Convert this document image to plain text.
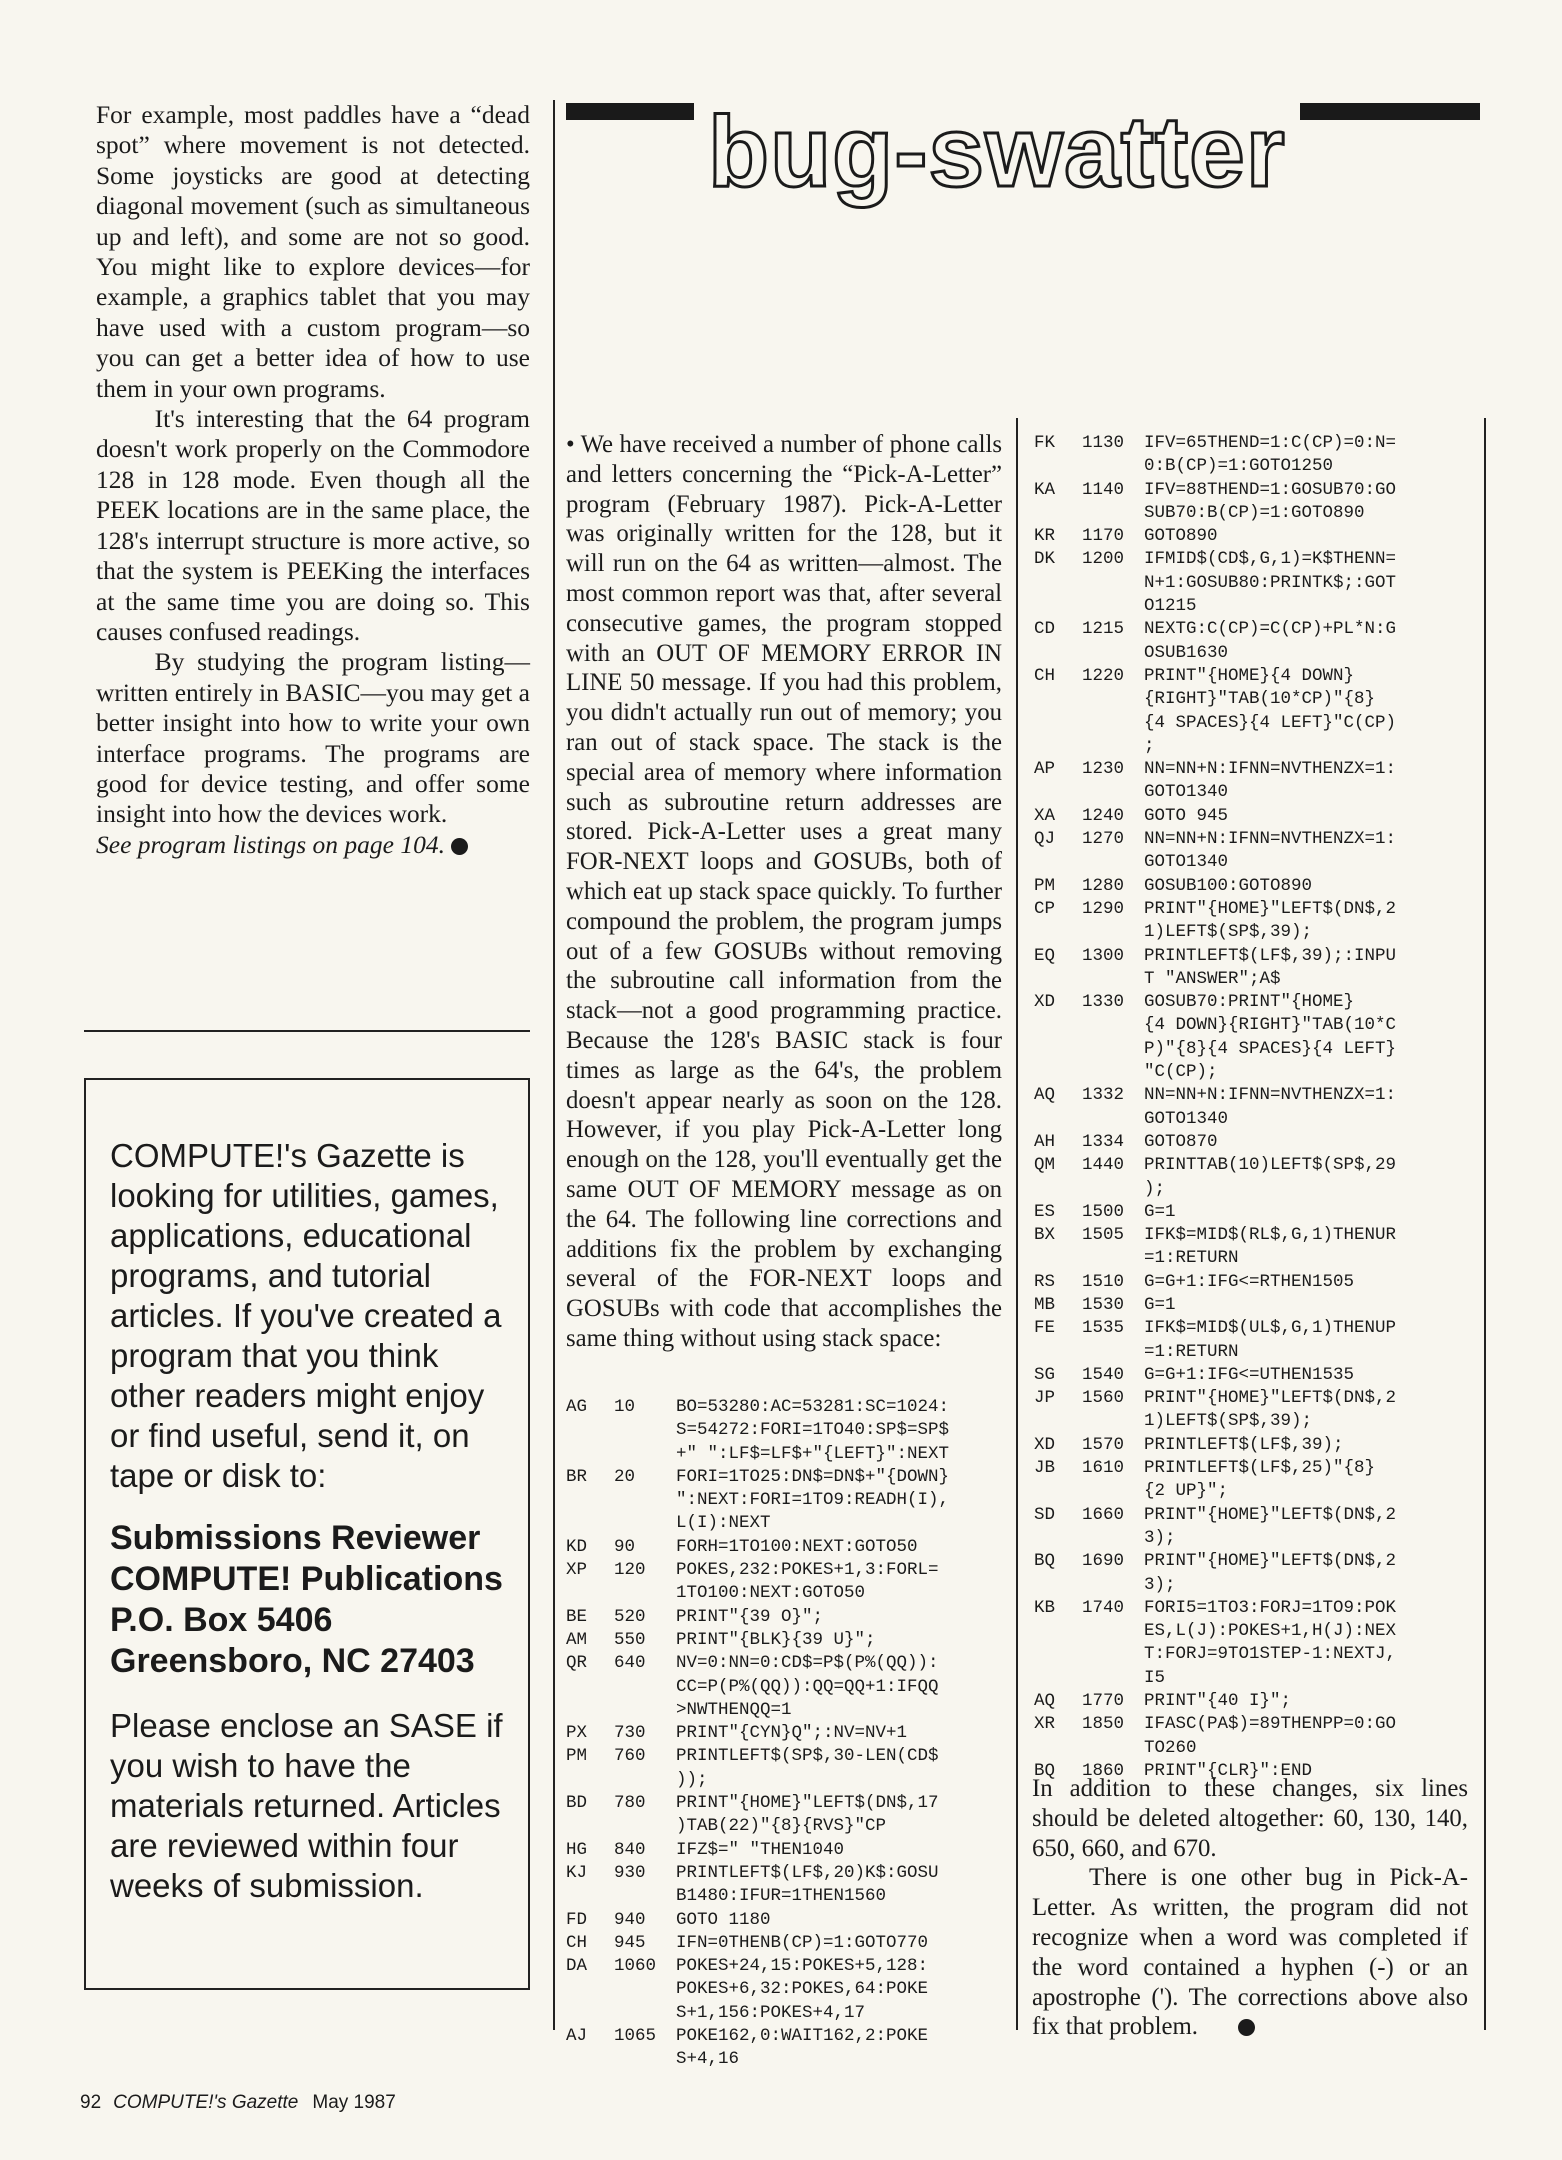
For example, most paddles have a “dead spot” where movement is not detected. Some joysticks are good at detecting diagonal movement (such as simultaneous up and left), and some are not so good. You might like to explore devices—for example, a graphics tablet that you may have used with a custom program—so you can get a better idea of how to use them in your own programs.

It's interesting that the 64 program doesn't work properly on the Commodore 128 in 128 mode. Even though all the PEEK locations are in the same place, the 128's interrupt structure is more active, so that the system is PEEKing the interfaces at the same time you are doing so. This causes confused readings.

By studying the program listing—written entirely in BASIC—you may get a better insight into how to write your own interface programs. The programs are good for device testing, and offer some insight into how the devices work.

See program listings on page 104.

COMPUTE!'s Gazette is looking for utilities, games, applications, educational programs, and tutorial articles. If you've created a program that you think other readers might enjoy or find useful, send it, on tape or disk to:
Submissions Reviewer
COMPUTE! Publications
P.O. Box 5406
Greensboro, NC 27403
Please enclose an SASE if you wish to have the materials returned. Articles are reviewed within four weeks of submission.
bug-swatter

• We have received a number of phone calls and letters concerning the “Pick-A-Letter” program (February 1987). Pick-A-Letter was originally written for the 128, but it will run on the 64 as written—almost. The most common report was that, after several consecutive games, the program stopped with an OUT OF MEMORY ERROR IN LINE 50 message. If you had this problem, you didn't actually run out of memory; you ran out of stack space. The stack is the special area of memory where information such as subroutine return addresses are stored. Pick-A-Letter uses a great many FOR-NEXT loops and GOSUBs, both of which eat up stack space quickly. To further compound the problem, the program jumps out of a few GOSUBs without removing the subroutine call information from the stack—not a good programming practice. Because the 128's BASIC stack is four times as large as the 64's, the problem doesn't appear nearly as soon on the 128. However, if you play Pick-A-Letter long enough on the 128, you'll eventually get the same OUT OF MEMORY message as on the 64. The following line corrections and additions fix the problem by exchanging several of the FOR-NEXT loops and GOSUBs with code that accomplishes the same thing without using stack space:

AG	10	BO=53280:AC=53281:SC=1024:
S=54272:FORI=1TO40:SP$=SP$
+" ":LF$=LF$+"{LEFT}":NEXT
BR	20	FORI=1TO25:DN$=DN$+"{DOWN}
":NEXT:FORI=1TO9:READH(I),
L(I):NEXT
KD	90	FORH=1TO100:NEXT:GOTO50
XP	120	POKES,232:POKES+1,3:FORL=
1TO100:NEXT:GOTO50
BE	520	PRINT"{39 O}";
AM	550	PRINT"{BLK}{39 U}";
QR	640	NV=0:NN=0:CD$=P$(P%(QQ)):
CC=P(P%(QQ)):QQ=QQ+1:IFQQ
>NWTHENQQ=1
PX	730	PRINT"{CYN}Q";:NV=NV+1
PM	760	PRINTLEFT$(SP$,30-LEN(CD$
));
BD	780	PRINT"{HOME}"LEFT$(DN$,17
)TAB(22)"{8}{RVS}"CP
HG	840	IFZ$=" "THEN1040
KJ	930	PRINTLEFT$(LF$,20)K$:GOSU
B1480:IFUR=1THEN1560
FD	940	GOTO 1180
CH	945	IFN=0THENB(CP)=1:GOTO770
DA	1060	POKES+24,15:POKES+5,128:
POKES+6,32:POKES,64:POKE
S+1,156:POKES+4,17
AJ	1065	POKE162,0:WAIT162,2:POKE
S+4,16
FK	1130	IFV=65THEND=1:C(CP)=0:N=
0:B(CP)=1:GOTO1250
KA	1140	IFV=88THEND=1:GOSUB70:GO
SUB70:B(CP)=1:GOTO890
KR	1170	GOTO890
DK	1200	IFMID$(CD$,G,1)=K$THENN=
N+1:GOSUB80:PRINTK$;:GOT
O1215
CD	1215	NEXTG:C(CP)=C(CP)+PL*N:G
OSUB1630
CH	1220	PRINT"{HOME}{4 DOWN}
{RIGHT}"TAB(10*CP)"{8}
{4 SPACES}{4 LEFT}"C(CP)
;
AP	1230	NN=NN+N:IFNN=NVTHENZX=1:
GOTO1340
XA	1240	GOTO 945
QJ	1270	NN=NN+N:IFNN=NVTHENZX=1:
GOTO1340
PM	1280	GOSUB100:GOTO890
CP	1290	PRINT"{HOME}"LEFT$(DN$,2
1)LEFT$(SP$,39);
EQ	1300	PRINTLEFT$(LF$,39);:INPU
T "ANSWER";A$
XD	1330	GOSUB70:PRINT"{HOME}
{4 DOWN}{RIGHT}"TAB(10*C
P)"{8}{4 SPACES}{4 LEFT}
"C(CP);
AQ	1332	NN=NN+N:IFNN=NVTHENZX=1:
GOTO1340
AH	1334	GOTO870
QM	1440	PRINTTAB(10)LEFT$(SP$,29
);
ES	1500	G=1
BX	1505	IFK$=MID$(RL$,G,1)THENUR
=1:RETURN
RS	1510	G=G+1:IFG<=RTHEN1505
MB	1530	G=1
FE	1535	IFK$=MID$(UL$,G,1)THENUP
=1:RETURN
SG	1540	G=G+1:IFG<=UTHEN1535
JP	1560	PRINT"{HOME}"LEFT$(DN$,2
1)LEFT$(SP$,39);
XD	1570	PRINTLEFT$(LF$,39);
JB	1610	PRINTLEFT$(LF$,25)"{8}
{2 UP}";
SD	1660	PRINT"{HOME}"LEFT$(DN$,2
3);
BQ	1690	PRINT"{HOME}"LEFT$(DN$,2
3);
KB	1740	FORI5=1TO3:FORJ=1TO9:POK
ES,L(J):POKES+1,H(J):NEX
T:FORJ=9TO1STEP-1:NEXTJ,
I5
AQ	1770	PRINT"{40 I}";
XR	1850	IFASC(PA$)=89THENPP=0:GO
TO260
BQ	1860	PRINT"{CLR}":END

In addition to these changes, six lines should be deleted altogether: 60, 130, 140, 650, 660, and 670.

There is one other bug in Pick-A-Letter. As written, the program did not recognize when a word was completed if the word contained a hyphen (-) or an apostrophe ('). The corrections above also fix that problem.

92 COMPUTE!'s Gazette May 1987
